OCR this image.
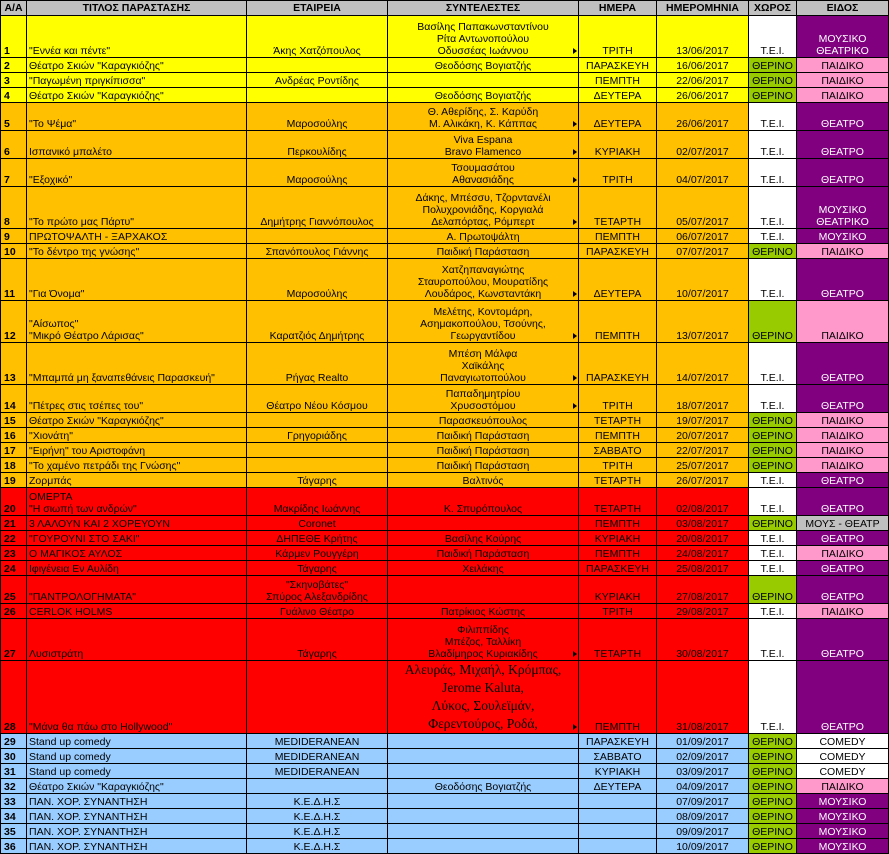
Α/Α	ΤΙΤΛΟΣ ΠΑΡΑΣΤΑΣΗΣ	ΕΤΑΙΡΕΙΑ	ΣΥΝΤΕΛΕΣΤΕΣ	ΗΜΕΡΑ	ΗΜΕΡΟΜΗΝΙΑ	ΧΩΡΟΣ	ΕΙΔΟΣ
1	"Εννέα και πέντε"	Άκης Χατζόπουλος	Βασίλης Παπακωνσταντίνου
Ρίτα Αντωνοπούλου
Οδυσσέας Ιωάννου	ΤΡΙΤΗ	13/06/2017	Τ.Ε.Ι.	ΜΟΥΣΙΚΟ
ΘΕΑΤΡΙΚΟ

2	Θέατρο Σκιών "Καραγκιόζης"		Θεοδόσης Βογιατζής	ΠΑΡΑΣΚΕΥΗ	16/06/2017	ΘΕΡΙΝΟ	ΠΑΙΔΙΚΟ

3	"Παγωμένη πριγκίπισσα"	Ανδρέας Ροντίδης		ΠΕΜΠΤΗ	22/06/2017	ΘΕΡΙΝΟ	ΠΑΙΔΙΚΟ

4	Θέατρο Σκιών "Καραγκιόζης"		Θεοδόσης Βογιατζής	ΔΕΥΤΕΡΑ	26/06/2017	ΘΕΡΙΝΟ	ΠΑΙΔΙΚΟ

5	"Το Ψέμα"	Μαροσούλης	Θ. Αθερίδης, Σ. Καρύδη
Μ. Αλικάκη, Κ. Κάππας	ΔΕΥΤΕΡΑ	26/06/2017	Τ.Ε.Ι.	ΘΕΑΤΡΟ

6	Ισπανικό μπαλέτο	Περκουλίδης	Viva Espana
Bravo Flamenco	ΚΥΡΙΑΚΗ	02/07/2017	Τ.Ε.Ι.	ΘΕΑΤΡΟ

7	"Εξοχικό"	Μαροσούλης	Τσουμασάτου
Αθανασιάδης	ΤΡΙΤΗ	04/07/2017	Τ.Ε.Ι.	ΘΕΑΤΡΟ

8	"Το πρώτο μας Πάρτυ"	Δημήτρης Γιαννόπουλος	Δάκης, Μπέσσυ, Τζορντανέλι
Πολυχρονιάδης, Κοργιαλά
Δελαπόρτας, Ρόμπερτ	ΤΕΤΑΡΤΗ	05/07/2017	Τ.Ε.Ι.	ΜΟΥΣΙΚΟ
ΘΕΑΤΡΙΚΟ

9	ΠΡΩΤΟΨΑΛΤΗ - ΞΑΡΧΑΚΟΣ		Α. Πρωτοψάλτη	ΠΕΜΠΤΗ	06/07/2017	Τ.Ε.Ι.	ΜΟΥΣΙΚΟ

10	"Το δέντρο της γνώσης"	Σπανόπουλος Γιάννης	Παιδική Παράσταση	ΠΑΡΑΣΚΕΥΗ	07/07/2017	ΘΕΡΙΝΟ	ΠΑΙΔΙΚΟ

11	"Για Όνομα"	Μαροσούλης	Χατζηπαναγιώτης
Σταυροπούλου, Μουρατίδης
Λουδάρος, Κωνσταντάκη	ΔΕΥΤΕΡΑ	10/07/2017	Τ.Ε.Ι.	ΘΕΑΤΡΟ

12	"Αίσωπος"
"Μικρό Θέατρο Λάρισας"	Καρατζιός Δημήτρης	Μελέτης, Κοντομάρη,
Ασημακοπούλου, Τσούνης,
Γεωργαντίδου	ΠΕΜΠΤΗ	13/07/2017	ΘΕΡΙΝΟ	ΠΑΙΔΙΚΟ

13	"Μπαμπά μη ξαναπεθάνεις Παρασκευή"	Ρήγας Realto	Μπέση Μάλφα
Χαϊκάλης
Παναγιωτοπούλου	ΠΑΡΑΣΚΕΥΗ	14/07/2017	Τ.Ε.Ι.	ΘΕΑΤΡΟ

14	"Πέτρες στις τσέπες του"	Θέατρο Νέου Κόσμου	Παπαδημητρίου
Χρυσοστόμου	ΤΡΙΤΗ	18/07/2017	Τ.Ε.Ι.	ΘΕΑΤΡΟ

15	Θέατρο Σκιών "Καραγκιόζης"		Παρασκευόπουλος	ΤΕΤΑΡΤΗ	19/07/2017	ΘΕΡΙΝΟ	ΠΑΙΔΙΚΟ

16	"Χιονάτη"	Γρηγοριάδης	Παιδική Παράσταση	ΠΕΜΠΤΗ	20/07/2017	ΘΕΡΙΝΟ	ΠΑΙΔΙΚΟ

17	"Ειρήνη" του Αριστοφάνη		Παιδική Παράσταση	ΣΑΒΒΑΤΟ	22/07/2017	ΘΕΡΙΝΟ	ΠΑΙΔΙΚΟ

18	"Το χαμένο πετράδι της Γνώσης"		Παιδική Παράσταση	ΤΡΙΤΗ	25/07/2017	ΘΕΡΙΝΟ	ΠΑΙΔΙΚΟ

19	Ζορμπάς	Τάγαρης	Βαλτινός	ΤΕΤΑΡΤΗ	26/07/2017	Τ.Ε.Ι.	ΘΕΑΤΡΟ

20	ΟΜΕΡΤΑ
"Η σιωπή των ανδρών"	Μακρίδης Ιωάννης	Κ. Σπυρόπουλος	ΤΕΤΑΡΤΗ	02/08/2017	Τ.Ε.Ι.	ΘΕΑΤΡΟ

21	3 ΛΑΛΟΥΝ ΚΑΙ 2 ΧΟΡΕΥΟΥΝ	Coronet		ΠΕΜΠΤΗ	03/08/2017	ΘΕΡΙΝΟ	ΜΟΥΣ - ΘΕΑΤΡ

22	"ΓΟΥΡΟΥΝΙ ΣΤΟ ΣΑΚΙ"	ΔΗΠΕΘΕ Κρήτης	Βασίλης Κούρης	ΚΥΡΙΑΚΗ	20/08/2017	Τ.Ε.Ι.	ΘΕΑΤΡΟ

23	Ο ΜΑΓΙΚΟΣ ΑΥΛΟΣ	Κάρμεν Ρουγγέρη	Παιδική Παράσταση	ΠΕΜΠΤΗ	24/08/2017	Τ.Ε.Ι.	ΠΑΙΔΙΚΟ

24	Ιφιγένεια Εν Αυλίδη	Τάγαρης	Χειλάκης	ΠΑΡΑΣΚΕΥΗ	25/08/2017	Τ.Ε.Ι.	ΘΕΑΤΡΟ

25	"ΠΑΝΤΡΟΛΟΓΗΜΑΤΑ"	"Σκηνοβάτες"
Σπύρος Αλεξανδρίδης		ΚΥΡΙΑΚΗ	27/08/2017	ΘΕΡΙΝΟ	ΘΕΑΤΡΟ

26	CERLOK HOLMS	Γυάλινο Θέατρο	Πατρίκιος Κώστης	ΤΡΙΤΗ	29/08/2017	Τ.Ε.Ι.	ΠΑΙΔΙΚΟ

27	Λυσιστράτη	Τάγαρης	Φιλιππίδης
Μπέζος, Ταλλίκη
Βλαδίμηρος Κυριακίδης	ΤΕΤΑΡΤΗ	30/08/2017	Τ.Ε.Ι.	ΘΕΑΤΡΟ

28	"Μάνα θα πάω στο Hollywood"		Αλευράς, Μιχαήλ, Κρόμπας,
Jerome Kaluta,
Λύκος, Σουλεϊμάν,
Φερεντούρος, Ροδά,	ΠΕΜΠΤΗ	31/08/2017	Τ.Ε.Ι.	ΘΕΑΤΡΟ

29	Stand up comedy	MEDIDERANEAN		ΠΑΡΑΣΚΕΥΗ	01/09/2017	ΘΕΡΙΝΟ	COMEDY

30	Stand up comedy	MEDIDERANEAN		ΣΑΒΒΑΤΟ	02/09/2017	ΘΕΡΙΝΟ	COMEDY

31	Stand up comedy	MEDIDERANEAN		ΚΥΡΙΑΚΗ	03/09/2017	ΘΕΡΙΝΟ	COMEDY

32	Θέατρο Σκιών "Καραγκιόζης"		Θεοδόσης Βογιατζής	ΔΕΥΤΕΡΑ	04/09/2017	ΘΕΡΙΝΟ	ΠΑΙΔΙΚΟ

33	ΠΑΝ. ΧΟΡ. ΣΥΝΑΝΤΗΣΗ	Κ.Ε.Δ.Η.Σ			07/09/2017	ΘΕΡΙΝΟ	ΜΟΥΣΙΚΟ

34	ΠΑΝ. ΧΟΡ. ΣΥΝΑΝΤΗΣΗ	Κ.Ε.Δ.Η.Σ			08/09/2017	ΘΕΡΙΝΟ	ΜΟΥΣΙΚΟ

35	ΠΑΝ. ΧΟΡ. ΣΥΝΑΝΤΗΣΗ	Κ.Ε.Δ.Η.Σ			09/09/2017	ΘΕΡΙΝΟ	ΜΟΥΣΙΚΟ

36	ΠΑΝ. ΧΟΡ. ΣΥΝΑΝΤΗΣΗ	Κ.Ε.Δ.Η.Σ			10/09/2017	ΘΕΡΙΝΟ	ΜΟΥΣΙΚΟ
